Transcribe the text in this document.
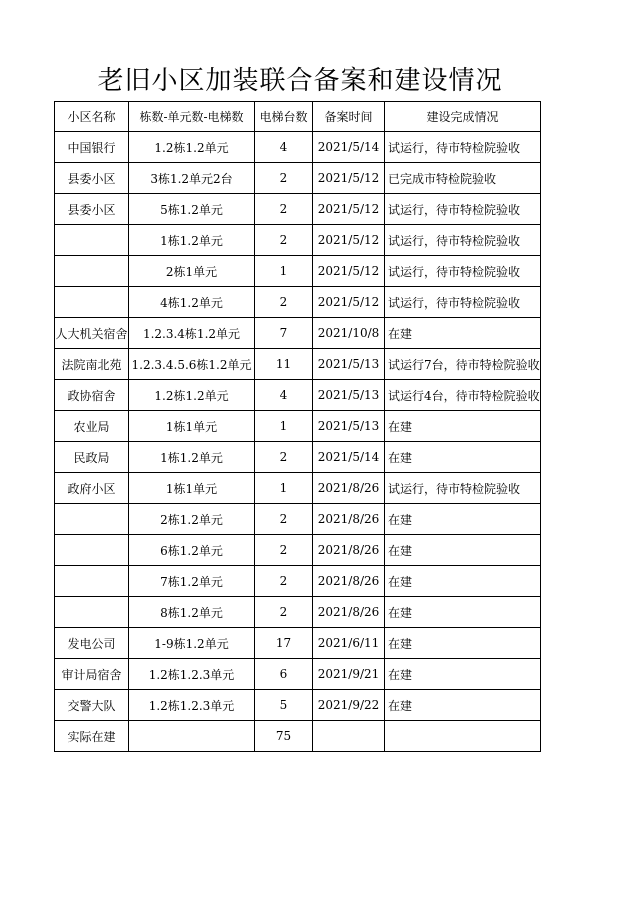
老旧小区加装联合备案和建设情况
小区名称	栋数-单元数-电梯数	电梯台数	备案时间	建设完成情况
中国银行	1.2栋1.2单元	4	2021/5/14	试运行，待市特检院验收
县委小区	3栋1.2单元2台	2	2021/5/12	已完成市特检院验收
县委小区	5栋1.2单元	2	2021/5/12	试运行，待市特检院验收
	1栋1.2单元	2	2021/5/12	试运行，待市特检院验收
	2栋1单元	1	2021/5/12	试运行，待市特检院验收
	4栋1.2单元	2	2021/5/12	试运行，待市特检院验收
人大机关宿舍	1.2.3.4栋1.2单元	7	2021/10/8	在建
法院南北苑	1.2.3.4.5.6栋1.2单元	11	2021/5/13	试运行7台，待市特检院验收
政协宿舍	1.2栋1.2单元	4	2021/5/13	试运行4台，待市特检院验收
农业局	1栋1单元	1	2021/5/13	在建
民政局	1栋1.2单元	2	2021/5/14	在建
政府小区	1栋1单元	1	2021/8/26	试运行，待市特检院验收
	2栋1.2单元	2	2021/8/26	在建
	6栋1.2单元	2	2021/8/26	在建
	7栋1.2单元	2	2021/8/26	在建
	8栋1.2单元	2	2021/8/26	在建
发电公司	1-9栋1.2单元	17	2021/6/11	在建
审计局宿舍	1.2栋1.2.3单元	6	2021/9/21	在建
交警大队	1.2栋1.2.3单元	5	2021/9/22	在建
实际在建		75		
